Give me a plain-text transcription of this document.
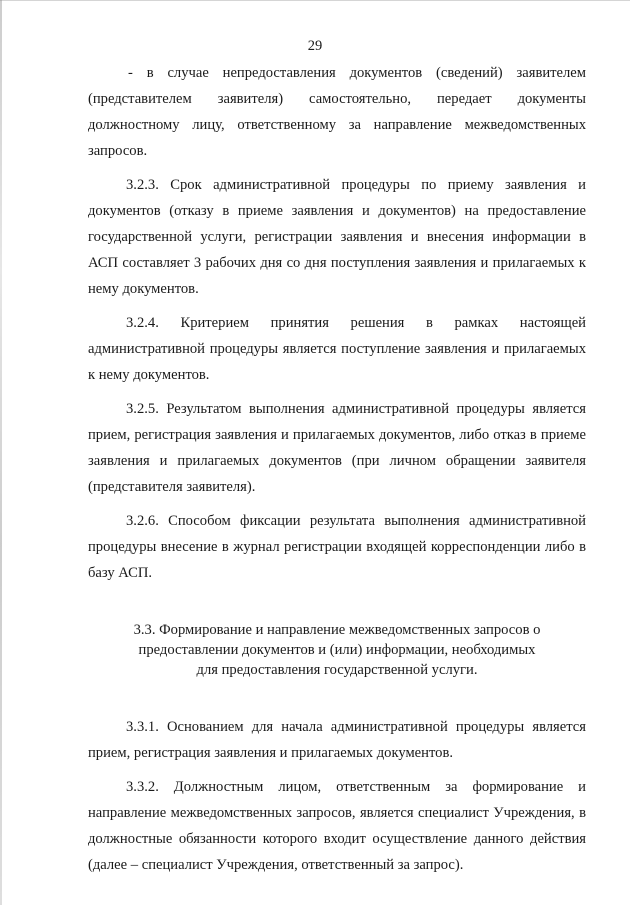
29

- в случае непредоставления документов (сведений) заявителем (представителем заявителя) самостоятельно, передает документы должностному лицу, ответственному за направление межведомственных запросов.

3.2.3. Срок административной процедуры по приему заявления и документов (отказу в приеме заявления и документов) на предоставление государственной услуги, регистрации заявления и внесения информации в АСП составляет 3 рабочих дня со дня поступления заявления и прилагаемых к нему документов.

3.2.4. Критерием принятия решения в рамках настоящей административной процедуры является поступление заявления и прилагаемых к нему документов.

3.2.5. Результатом выполнения административной процедуры является прием, регистрация заявления и прилагаемых документов, либо отказ в приеме заявления и прилагаемых документов (при личном обращении заявителя (представителя заявителя).

3.2.6. Способом фиксации результата выполнения административной процедуры внесение в журнал регистрации входящей корреспонденции либо в базу АСП.

3.3. Формирование и направление межведомственных запросов о
предоставлении документов и (или) информации, необходимых
для предоставления государственной услуги.

3.3.1. Основанием для начала административной процедуры является прием, регистрация заявления и прилагаемых документов.

3.3.2. Должностным лицом, ответственным за формирование и направление межведомственных запросов, является специалист Учреждения, в должностные обязанности которого входит осуществление данного действия (далее – специалист Учреждения, ответственный за запрос).
